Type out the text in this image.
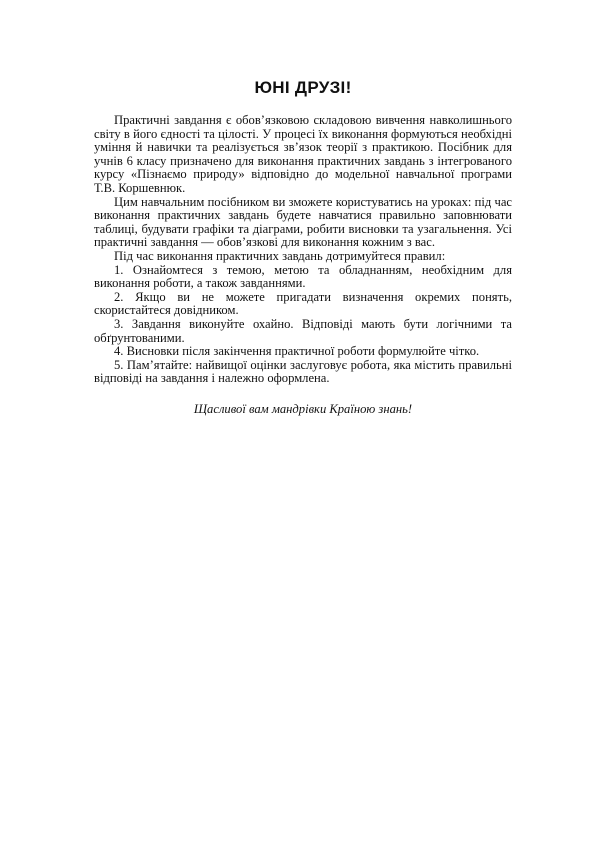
ЮНІ ДРУЗІ!

Практичні завдання є обов’язковою складовою вивчення навколишнього світу в його єдності та цілості. У процесі їх виконання формуються необхідні уміння й навички та реалізується зв’язок теорії з практикою. Посібник для учнів 6 класу призначено для виконання практичних завдань з інтегрованого курсу «Пізнаємо природу» відповідно до модельної навчальної програми Т.В. Коршевнюк.

Цим навчальним посібником ви зможете користуватись на уроках: під час виконання практичних завдань будете навчатися правильно заповнювати таблиці, будувати графіки та діаграми, робити висновки та узагальнення. Усі практичні завдання — обов’язкові для виконання кожним з вас.

Під час виконання практичних завдань дотримуйтеся правил:

1. Ознайомтеся з темою, метою та обладнанням, необхідним для виконання роботи, а також завданнями.

2. Якщо ви не можете пригадати визначення окремих понять, скористайтеся довідником.

3. Завдання виконуйте охайно. Відповіді мають бути логічними та обґрунтованими.

4. Висновки після закінчення практичної роботи формулюйте чітко.

5. Пам’ятайте: найвищої оцінки заслуговує робота, яка містить правильні відповіді на завдання і належно оформлена.

Щасливої вам мандрівки Країною знань!
